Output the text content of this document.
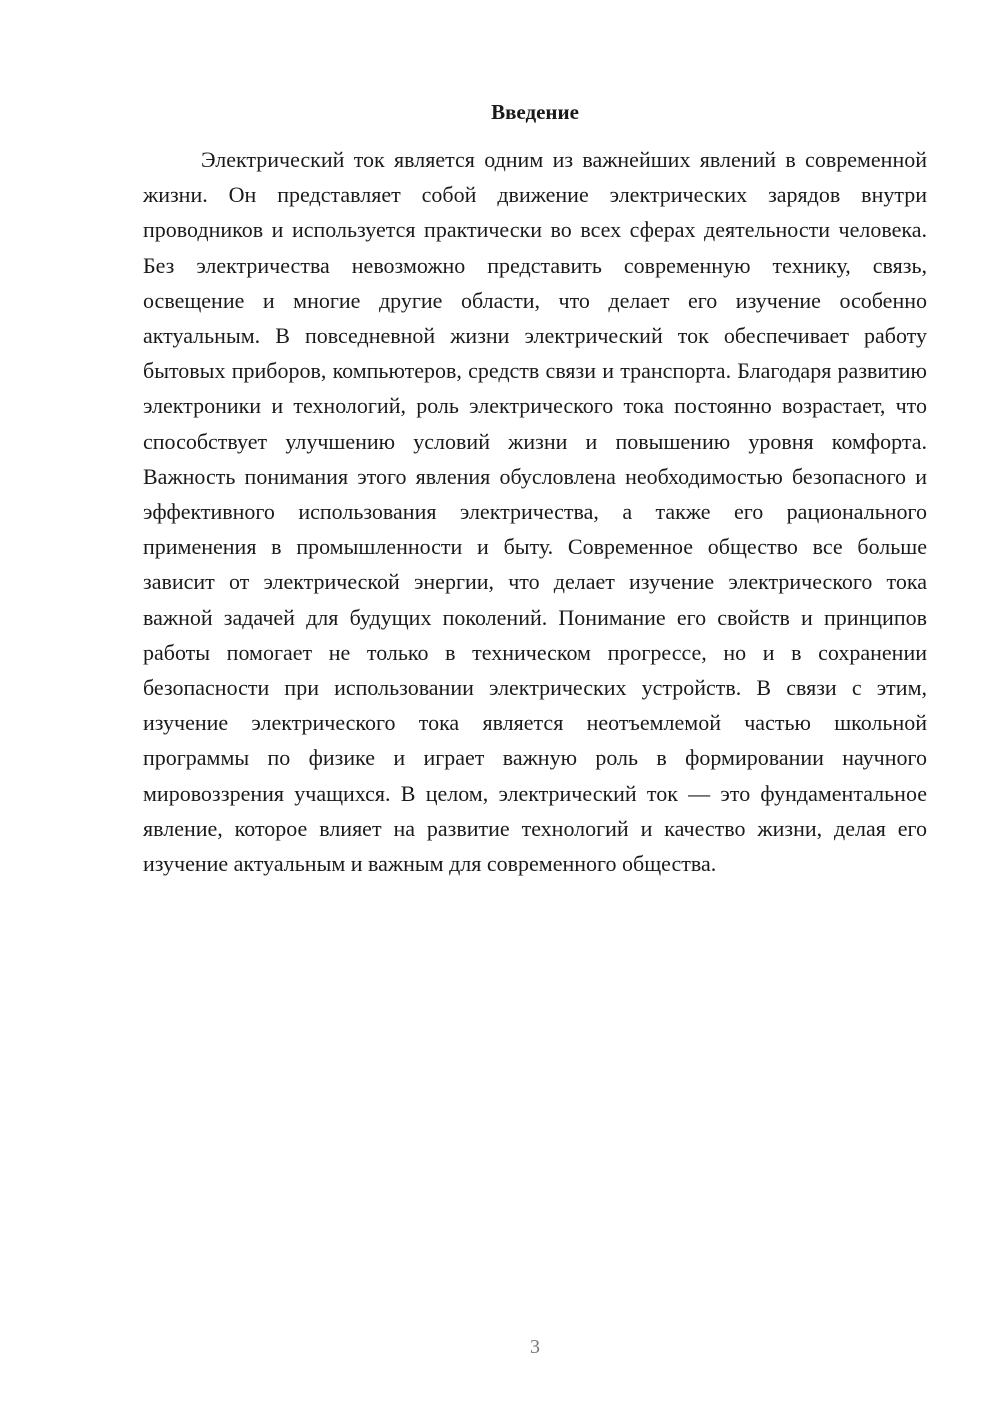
Введение

Электрический ток является одним из важнейших явлений в современной жизни. Он представляет собой движение электрических зарядов внутри проводников и используется практически во всех сферах деятельности человека. Без электричества невозможно представить современную технику, связь, освещение и многие другие области, что делает его изучение особенно актуальным. В повседневной жизни электрический ток обеспечивает работу бытовых приборов, компьютеров, средств связи и транспорта. Благодаря развитию электроники и технологий, роль электрического тока постоянно возрастает, что способствует улучшению условий жизни и повышению уровня комфорта. Важность понимания этого явления обусловлена необходимостью безопасного и эффективного использования электричества, а также его рационального применения в промышленности и быту. Современное общество все больше зависит от электрической энергии, что делает изучение электрического тока важной задачей для будущих поколений. Понимание его свойств и принципов работы помогает не только в техническом прогрессе, но и в сохранении безопасности при использовании электрических устройств. В связи с этим, изучение электрического тока является неотъемлемой частью школьной программы по физике и играет важную роль в формировании научного мировоззрения учащихся. В целом, электрический ток — это фундаментальное явление, которое влияет на развитие технологий и качество жизни, делая его изучение актуальным и важным для современного общества.

3
